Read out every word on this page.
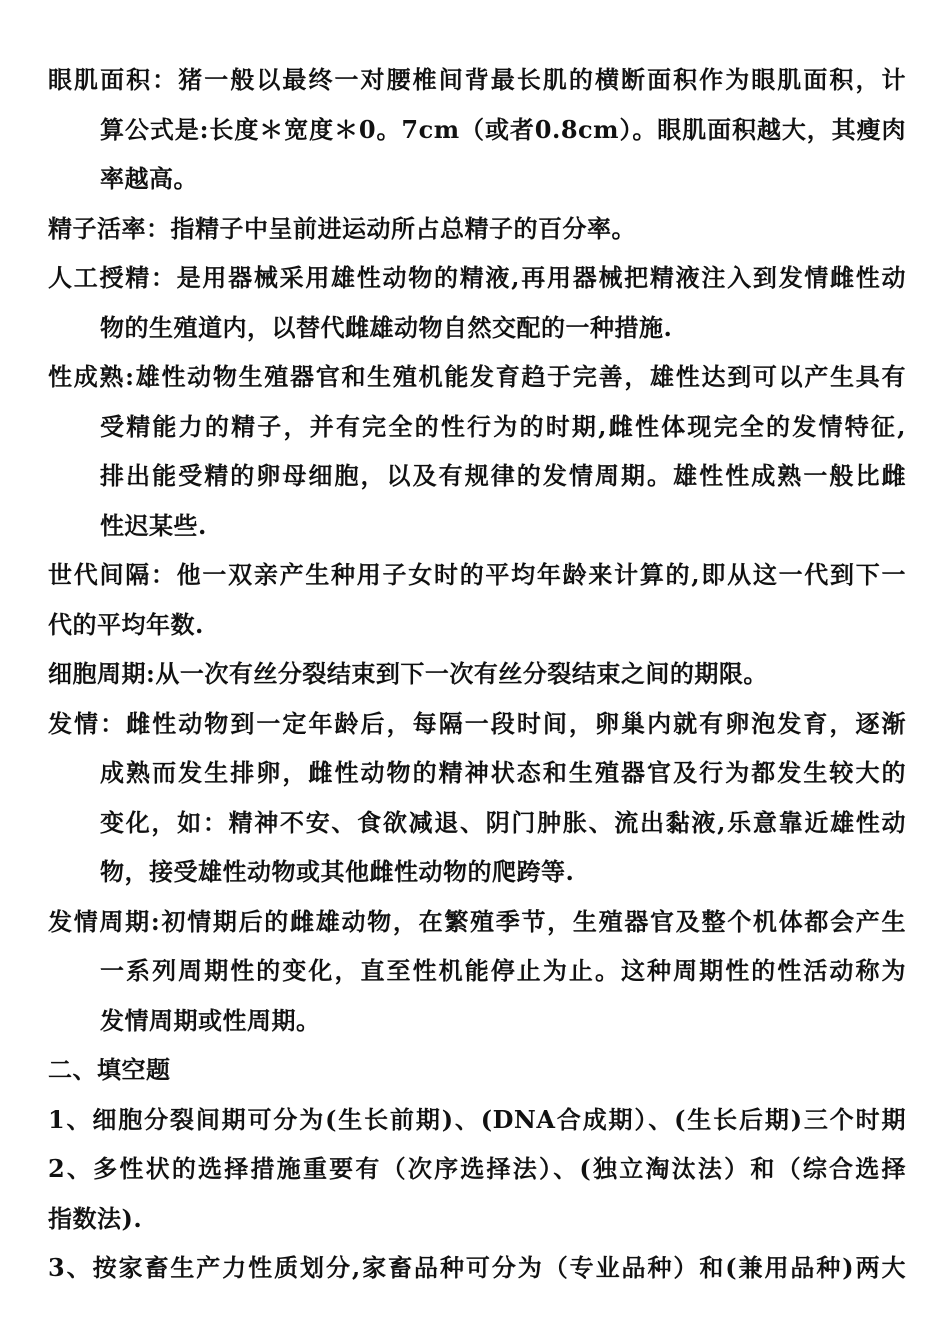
眼肌面积：猪一般以最终一对腰椎间背最长肌的横断面积作为眼肌面积，计
算公式是:长度＊宽度＊0。7cm（或者0.8cm）。眼肌面积越大，其瘦肉
率越高。
精子活率：指精子中呈前进运动所占总精子的百分率。
人工授精：是用器械采用雄性动物的精液,再用器械把精液注入到发情雌性动
物的生殖道内，以替代雌雄动物自然交配的一种措施.
性成熟:雄性动物生殖器官和生殖机能发育趋于完善，雄性达到可以产生具有
受精能力的精子，并有完全的性行为的时期,雌性体现完全的发情特征,
排出能受精的卵母细胞，以及有规律的发情周期。雄性性成熟一般比雌
性迟某些.
世代间隔：他一双亲产生种用子女时的平均年龄来计算的,即从这一代到下一
代的平均年数.
细胞周期:从一次有丝分裂结束到下一次有丝分裂结束之间的期限。
发情：雌性动物到一定年龄后，每隔一段时间，卵巢内就有卵泡发育，逐渐
成熟而发生排卵，雌性动物的精神状态和生殖器官及行为都发生较大的
变化，如：精神不安、食欲减退、阴门肿胀、流出黏液,乐意靠近雄性动
物，接受雄性动物或其他雌性动物的爬跨等.
发情周期:初情期后的雌雄动物，在繁殖季节，生殖器官及整个机体都会产生
一系列周期性的变化，直至性机能停止为止。这种周期性的性活动称为
发情周期或性周期。
二、填空题
1、细胞分裂间期可分为(生长前期)、(DNA合成期）、(生长后期)三个时期
2、多性状的选择措施重要有（次序选择法）、(独立淘汰法）和（综合选择
指数法).
3、按家畜生产力性质划分,家畜品种可分为（专业品种）和(兼用品种)两大
